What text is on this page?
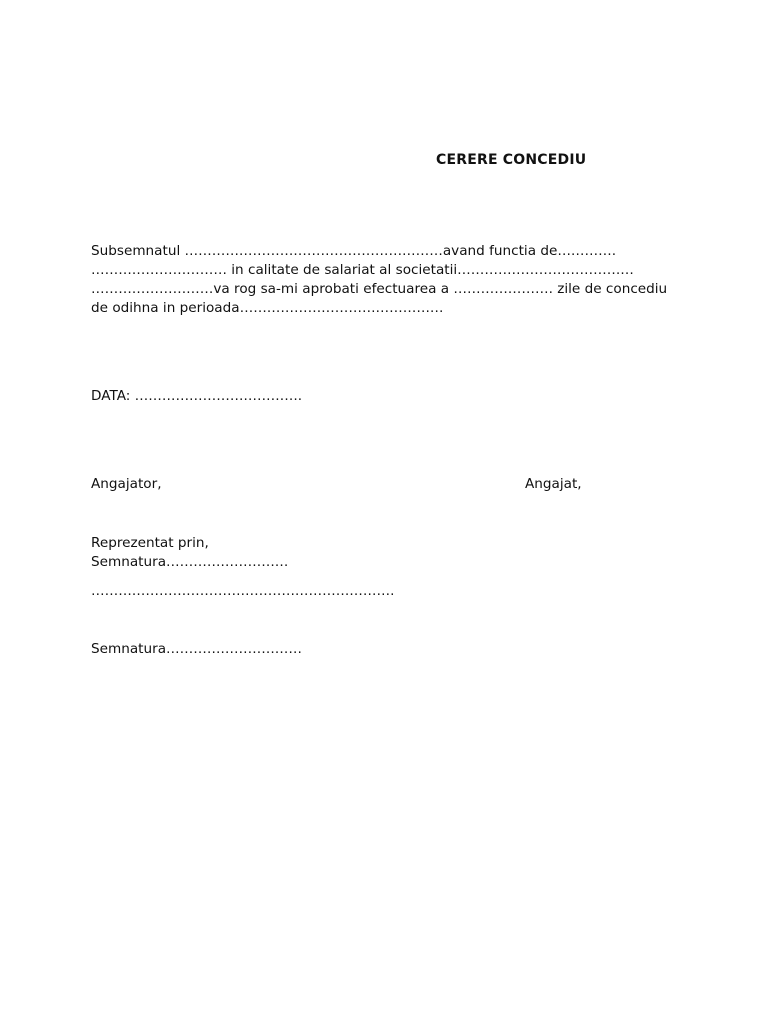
CERERE CONCEDIU
Subsemnatul …………………………………………………avand functia de………….
………………………… in calitate de salariat al societatii…………………………………
………………………va rog sa-mi aprobati efectuarea a …………………. zile de concediu
de odihna in perioada………………………………………
DATA: ……………………………….
Angajator,	Angajat,
Reprezentat prin,
Semnatura………………………
………………………………………………………….
Semnatura…………………………
